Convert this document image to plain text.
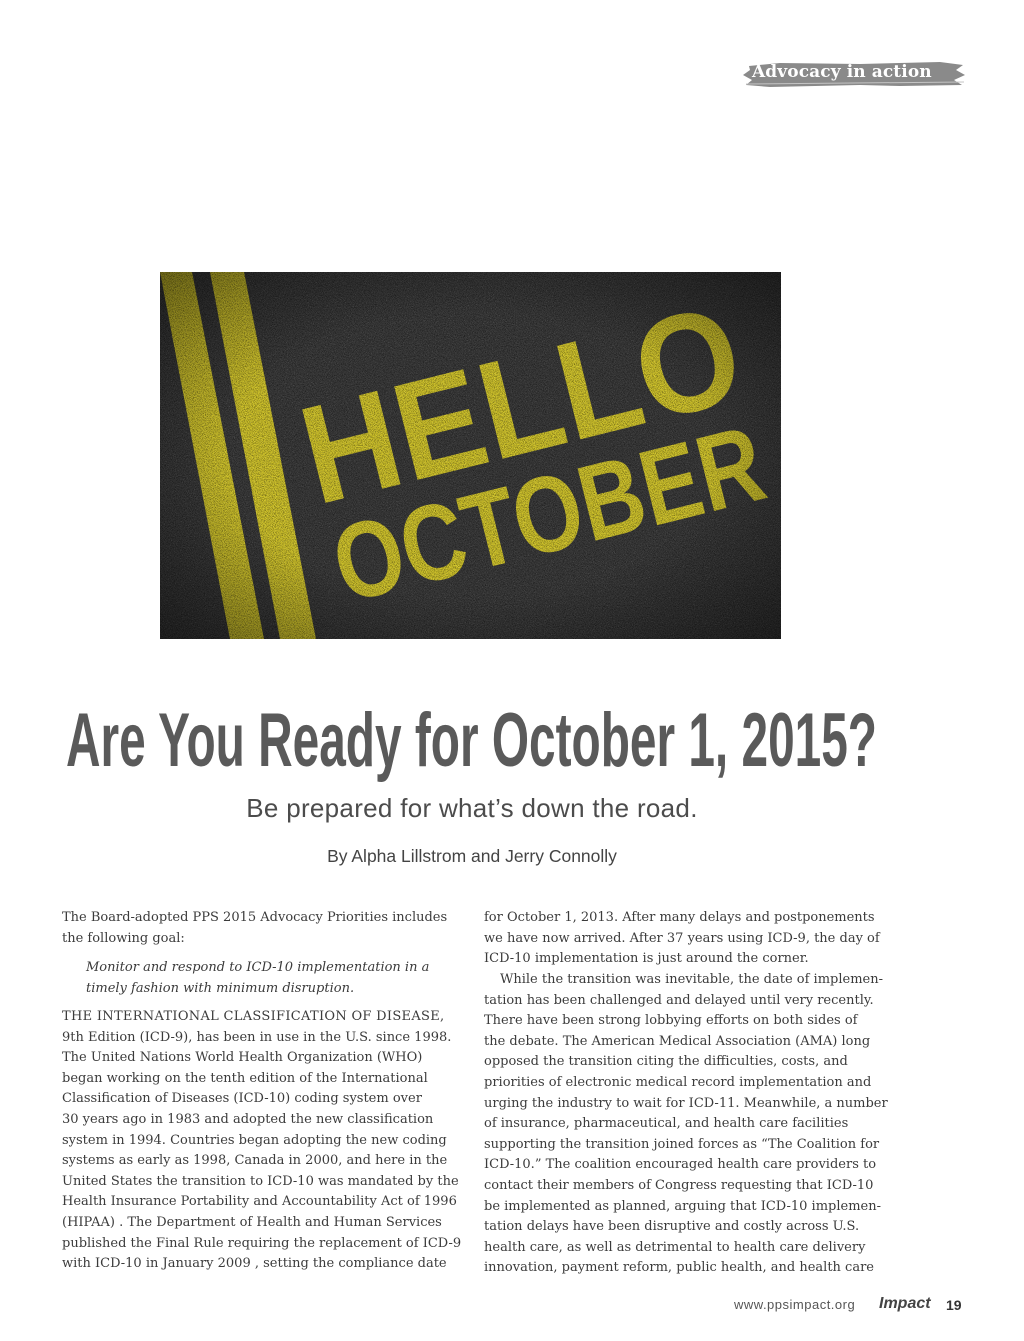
Advocacy in action
Are You Ready for October 1, 2015?
Be prepared for what’s down the road.
By Alpha Lillstrom and Jerry Connolly
The Board-adopted PPS 2015 Advocacy Priorities includes
the following goal:
Monitor and respond to ICD-10 implementation in a
timely fashion with minimum disruption.
THE INTERNATIONAL CLASSIFICATION OF DISEASE,
9th Edition (ICD-9), has been in use in the U.S. since 1998.
The United Nations World Health Organization (WHO)
began working on the tenth edition of the International
Classification of Diseases (ICD-10) coding system over
30 years ago in 1983 and adopted the new classification
system in 1994. Countries began adopting the new coding
systems as early as 1998, Canada in 2000, and here in the
United States the transition to ICD-10 was mandated by the
Health Insurance Portability and Accountability Act of 1996
(HIPAA) . The Department of Health and Human Services
published the Final Rule requiring the replacement of ICD-9
with ICD-10 in January 2009 , setting the compliance date
for October 1, 2013. After many delays and postponements
we have now arrived. After 37 years using ICD-9, the day of
ICD-10 implementation is just around the corner.
While the transition was inevitable, the date of implemen-
tation has been challenged and delayed until very recently.
There have been strong lobbying efforts on both sides of
the debate. The American Medical Association (AMA) long
opposed the transition citing the difficulties, costs, and
priorities of electronic medical record implementation and
urging the industry to wait for ICD-11. Meanwhile, a number
of insurance, pharmaceutical, and health care facilities
supporting the transition joined forces as “The Coalition for
ICD-10.” The coalition encouraged health care providers to
contact their members of Congress requesting that ICD-10
be implemented as planned, arguing that ICD-10 implemen-
tation delays have been disruptive and costly across U.S.
health care, as well as detrimental to health care delivery
innovation, payment reform, public health, and health care
www.ppsimpact.org Impact 19
